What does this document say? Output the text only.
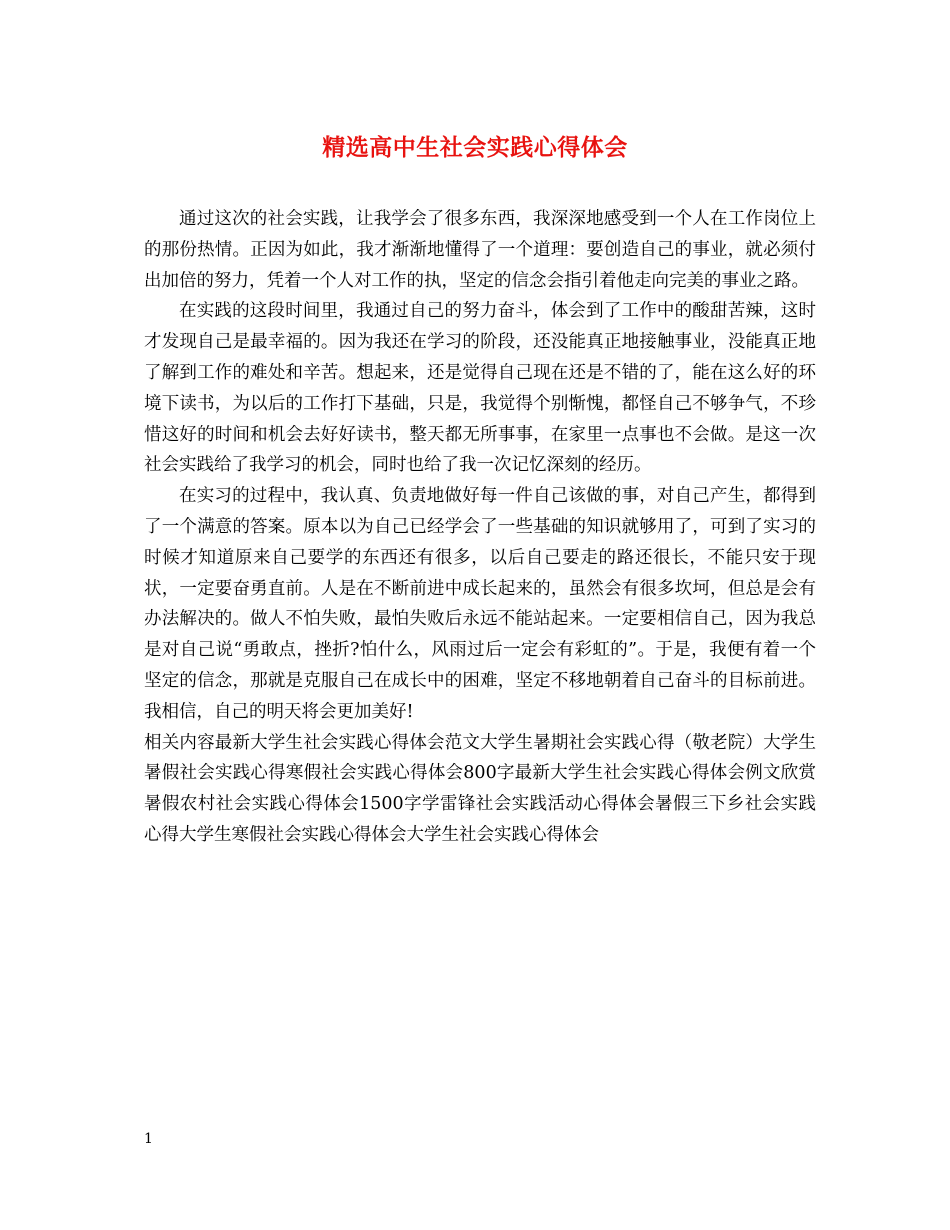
精选高中生社会实践心得体会

通过这次的社会实践，让我学会了很多东西，我深深地感受到一个人在工作岗位上的那份热情。正因为如此，我才渐渐地懂得了一个道理：要创造自己的事业，就必须付出加倍的努力，凭着一个人对工作的执，坚定的信念会指引着他走向完美的事业之路。

在实践的这段时间里，我通过自己的努力奋斗，体会到了工作中的酸甜苦辣，这时才发现自己是最幸福的。因为我还在学习的阶段，还没能真正地接触事业，没能真正地了解到工作的难处和辛苦。想起来，还是觉得自己现在还是不错的了，能在这么好的环境下读书，为以后的工作打下基础，只是，我觉得个别惭愧，都怪自己不够争气，不珍惜这好的时间和机会去好好读书，整天都无所事事，在家里一点事也不会做。是这一次社会实践给了我学习的机会，同时也给了我一次记忆深刻的经历。

在实习的过程中，我认真、负责地做好每一件自己该做的事，对自己产生，都得到了一个满意的答案。原本以为自己已经学会了一些基础的知识就够用了，可到了实习的时候才知道原来自己要学的东西还有很多，以后自己要走的路还很长，不能只安于现状，一定要奋勇直前。人是在不断前进中成长起来的，虽然会有很多坎坷，但总是会有办法解决的。做人不怕失败，最怕失败后永远不能站起来。一定要相信自己，因为我总是对自己说“勇敢点，挫折?怕什么，风雨过后一定会有彩虹的”。于是，我便有着一个坚定的信念，那就是克服自己在成长中的困难，坚定不移地朝着自己奋斗的目标前进。我相信，自己的明天将会更加美好!

相关内容最新大学生社会实践心得体会范文大学生暑期社会实践心得（敬老院）大学生暑假社会实践心得寒假社会实践心得体会800字最新大学生社会实践心得体会例文欣赏暑假农村社会实践心得体会1500字学雷锋社会实践活动心得体会暑假三下乡社会实践心得大学生寒假社会实践心得体会大学生社会实践心得体会

1
